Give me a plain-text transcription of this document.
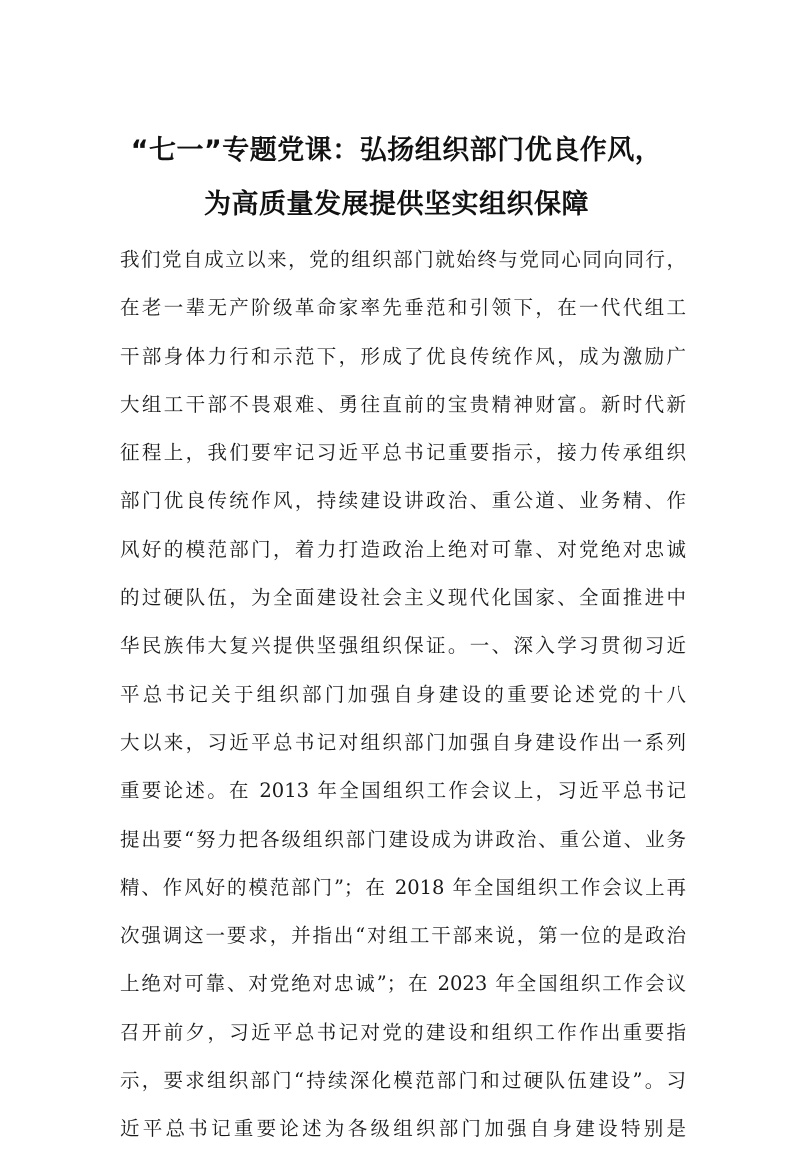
“七一”专题党课：弘扬组织部门优良作风，
为高质量发展提供坚实组织保障
我们党自成立以来，党的组织部门就始终与党同心同向同行，
在老一辈无产阶级革命家率先垂范和引领下，在一代代组工
干部身体力行和示范下，形成了优良传统作风，成为激励广
大组工干部不畏艰难、勇往直前的宝贵精神财富。新时代新
征程上，我们要牢记习近平总书记重要指示，接力传承组织
部门优良传统作风，持续建设讲政治、重公道、业务精、作
风好的模范部门，着力打造政治上绝对可靠、对党绝对忠诚
的过硬队伍，为全面建设社会主义现代化国家、全面推进中
华民族伟大复兴提供坚强组织保证。一、深入学习贯彻习近
平总书记关于组织部门加强自身建设的重要论述党的十八
大以来，习近平总书记对组织部门加强自身建设作出一系列
重要论述。在 2013 年全国组织工作会议上，习近平总书记
提出要“努力把各级组织部门建设成为讲政治、重公道、业务
精、作风好的模范部门”；在 2018 年全国组织工作会议上再
次强调这一要求，并指出“对组工干部来说，第一位的是政治
上绝对可靠、对党绝对忠诚”；在 2023 年全国组织工作会议
召开前夕，习近平总书记对党的建设和组织工作作出重要指
示，要求组织部门“持续深化模范部门和过硬队伍建设”。习
近平总书记重要论述为各级组织部门加强自身建设特别是
